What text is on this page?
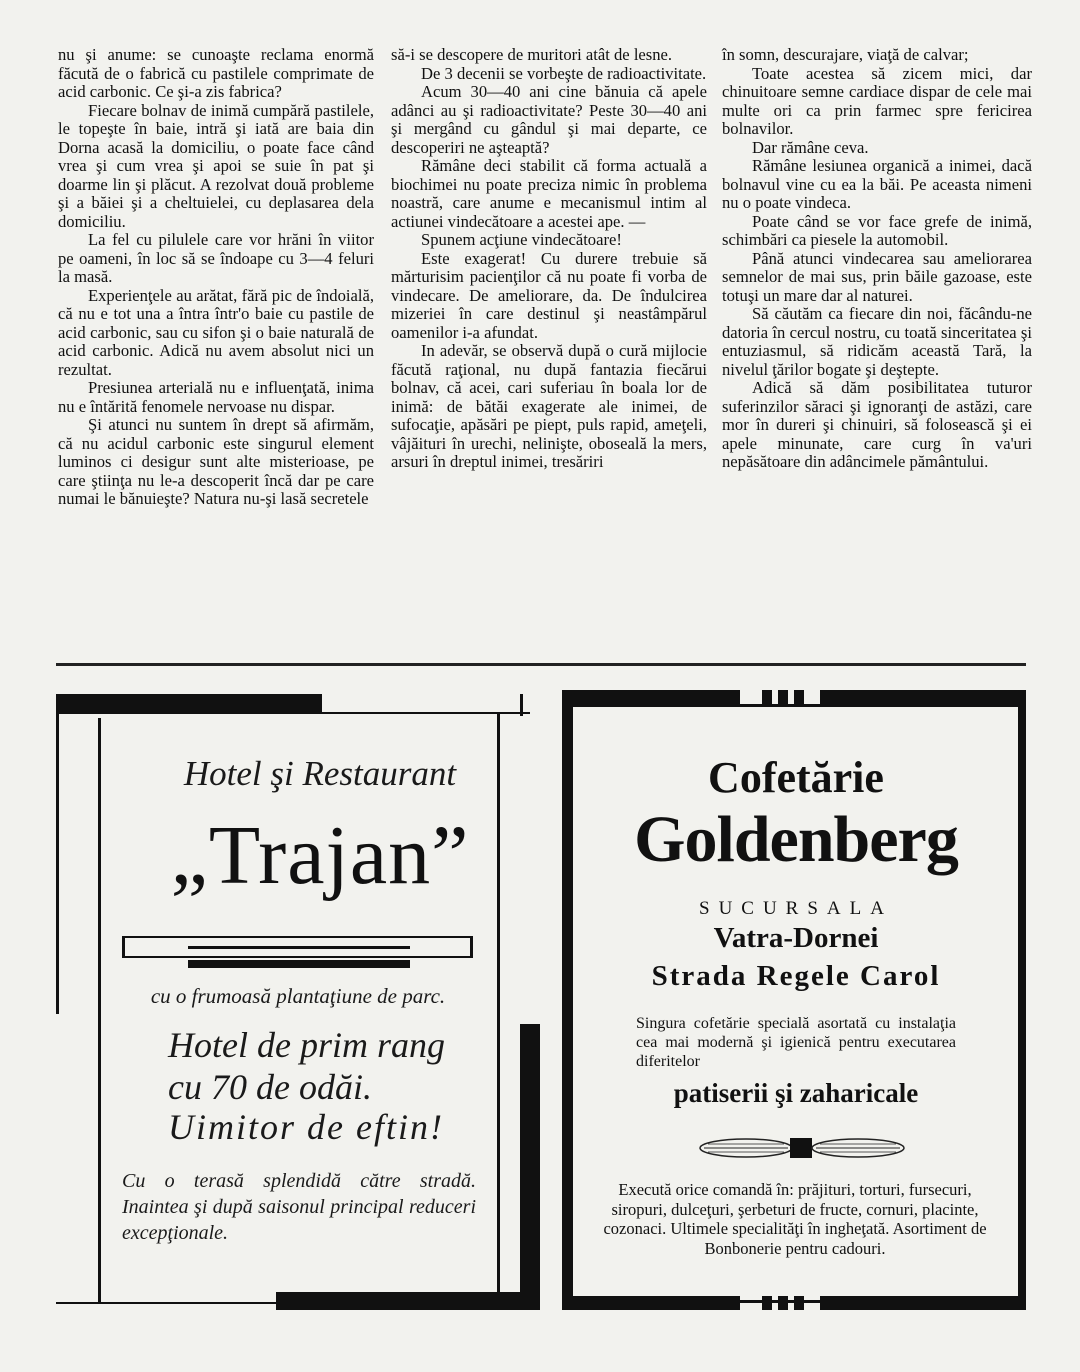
nu şi anume: se cunoaşte reclama enormă făcută de o fabrică cu pastilele comprimate de acid carbonic. Ce şi-a zis fabrica?

Fiecare bolnav de inimă cumpără pastilele, le topeşte în baie, intră şi iată are baia din Dorna acasă la domiciliu, o poate face când vrea şi cum vrea şi apoi se suie în pat şi doarme lin şi plăcut. A rezolvat două probleme şi a băiei şi a cheltuielei, cu deplasarea dela domiciliu.

La fel cu pilulele care vor hrăni în viitor pe oameni, în loc să se îndoape cu 3—4 feluri la masă.

Experienţele au arătat, fără pic de îndoială, că nu e tot una a întra într'o baie cu pastile de acid carbonic, sau cu sifon şi o baie naturală de acid carbonic. Adică nu avem absolut nici un rezultat.

Presiunea arterială nu e influenţată, inima nu e întărită fenomele nervoase nu dispar.

Şi atunci nu suntem în drept să afirmăm, că nu acidul carbonic este singurul element luminos ci desigur sunt alte misterioase, pe care ştiinţa nu le-a descoperit încă dar pe care numai le bănuieşte? Natura nu-şi lasă secretele

să-i se descopere de muritori atât de lesne.

De 3 decenii se vorbeşte de radioactivitate.

Acum 30—40 ani cine bănuia că apele adânci au şi radioactivitate? Peste 30—40 ani şi mergând cu gândul şi mai departe, ce descoperiri ne aşteaptă?

Rămâne deci stabilit că forma actuală a biochimei nu poate preciza nimic în problema noastră, care anume e mecanismul intim al actiunei vindecătoare a acestei ape. —

Spunem acţiune vindecătoare!

Este exagerat! Cu durere trebuie să mărturisim pacienţilor că nu poate fi vorba de vindecare. De ameliorare, da. De îndulcirea mizeriei în care destinul şi neastâmpărul oamenilor i-a afundat.

In adevăr, se observă după o cură mijlocie făcută raţional, nu după fantazia fiecărui bolnav, că acei, cari suferiau în boala lor de inimă: de bătăi exagerate ale inimei, de sufocaţie, apăsări pe piept, puls rapid, ameţeli, vâjăituri în urechi, nelinişte, oboseală la mers, arsuri în dreptul inimei, tresăriri

în somn, descurajare, viaţă de calvar;

Toate acestea să zicem mici, dar chinuitoare semne cardiace dispar de cele mai multe ori ca prin farmec spre fericirea bolnavilor.

Dar rămâne ceva.

Rămâne lesiunea organică a inimei, dacă bolnavul vine cu ea la băi. Pe aceasta nimeni nu o poate vindeca.

Poate când se vor face grefe de inimă, schimbări ca piesele la automobil.

Până atunci vindecarea sau ameliorarea semnelor de mai sus, prin băile gazoase, este totuşi un mare dar al naturei.

Să căutăm ca fiecare din noi, făcându-ne datoria în cercul nostru, cu toată sinceritatea şi entuziasmul, să ridicăm această Tară, la nivelul ţărilor bogate şi deştepte.

Adică să dăm posibilitatea tuturor suferinzilor săraci şi ignoranţi de astăzi, care mor în dureri şi chinuiri, să folosească şi ei apele minunate, care curg în va'uri nepăsătoare din adâncimele pământului.

Hotel şi Restaurant
„Trajan”
cu o frumoasă plantaţiune de parc.
Hotel de prim rang
cu 70 de odăi.
Uimitor de eftin!
Cu o terasă splendidă către stradă. Inaintea şi după saisonul principal reduceri excepţionale.
Cofetărie
Goldenberg
SUCURSALA
Vatra-Dornei
Strada Regele Carol
Singura cofetărie specială asortată cu instalaţia cea mai modernă şi igienică pentru executarea diferitelor
patiserii şi zaharicale
Execută orice comandă în: prăjituri, torturi, fursecuri, siropuri, dulceţuri, şerbeturi de fructe, cornuri, placinte, cozonaci. Ultimele specialităţi în ingheţată. Asortiment de Bonbonerie pentru cadouri.
